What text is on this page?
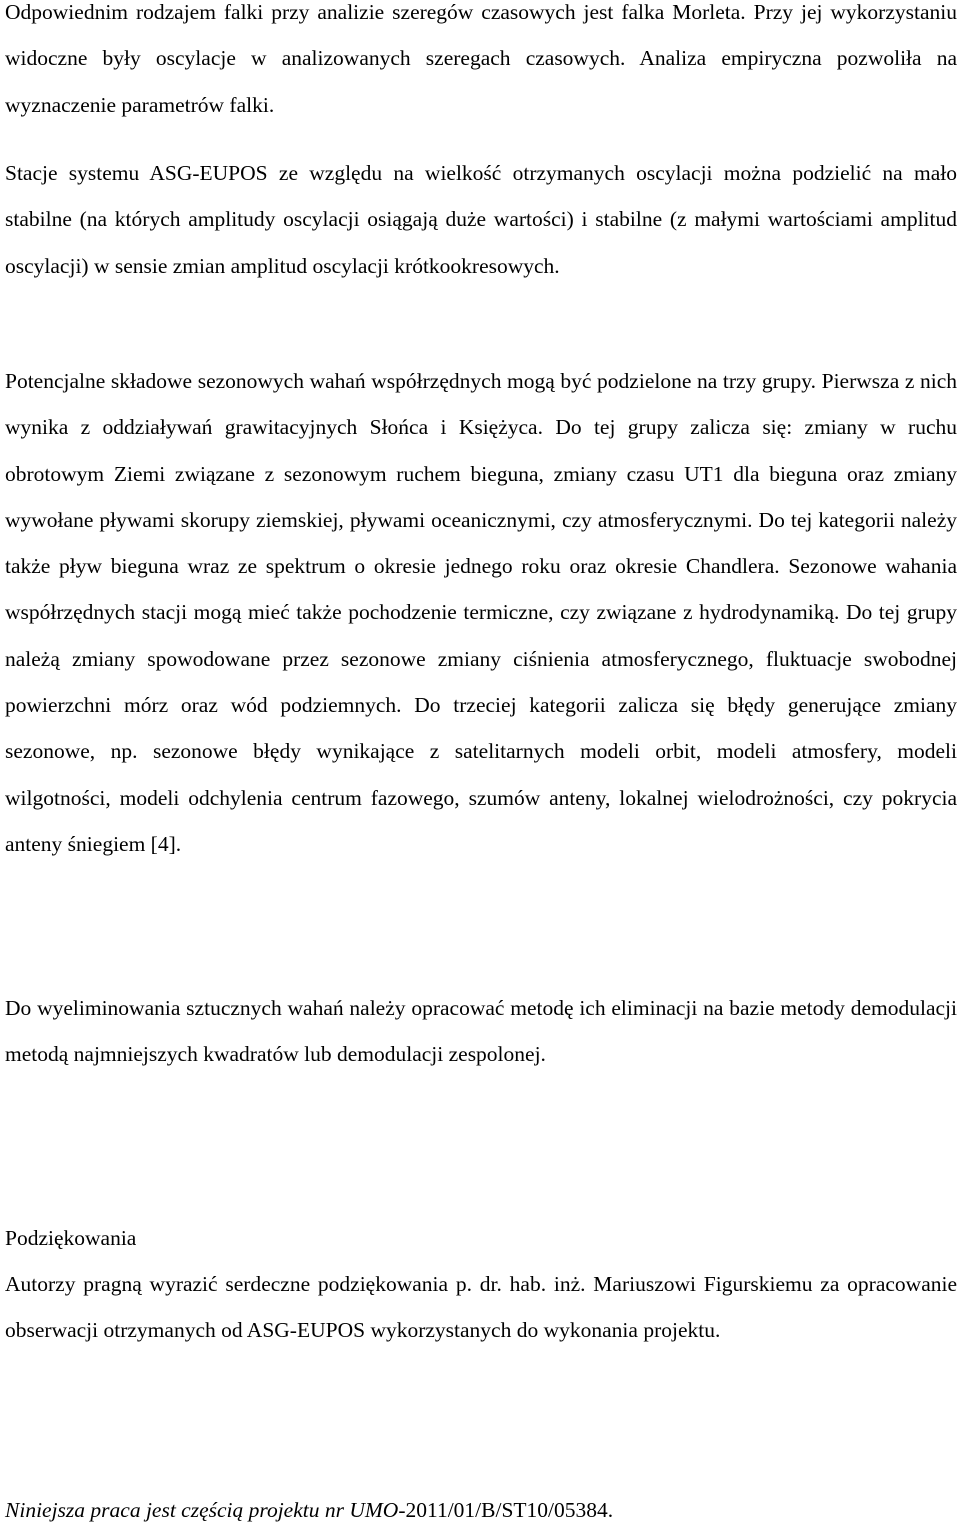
Odpowiednim rodzajem falki przy analizie szeregów czasowych jest falka Morleta. Przy jej wykorzystaniu widoczne były oscylacje w analizowanych szeregach czasowych. Analiza empiryczna pozwoliła na wyznaczenie parametrów falki.

Stacje systemu ASG-EUPOS ze względu na wielkość otrzymanych oscylacji można podzielić na mało stabilne (na których amplitudy oscylacji osiągają duże wartości) i stabilne (z małymi wartościami amplitud oscylacji) w sensie zmian amplitud oscylacji krótkookresowych.

Potencjalne składowe sezonowych wahań współrzędnych mogą być podzielone na trzy grupy. Pierwsza z nich wynika z oddziaływań grawitacyjnych Słońca i Księżyca. Do tej grupy zalicza się: zmiany w ruchu obrotowym Ziemi związane z sezonowym ruchem bieguna, zmiany czasu UT1 dla bieguna oraz zmiany wywołane pływami skorupy ziemskiej, pływami oceanicznymi, czy atmosferycznymi. Do tej kategorii należy także pływ bieguna wraz ze spektrum o okresie jednego roku oraz okresie Chandlera. Sezonowe wahania współrzędnych stacji mogą mieć także pochodzenie termiczne, czy związane z hydrodynamiką. Do tej grupy należą zmiany spowodowane przez sezonowe zmiany ciśnienia atmosferycznego, fluktuacje swobodnej powierzchni mórz oraz wód podziemnych. Do trzeciej kategorii zalicza się błędy generujące zmiany sezonowe, np. sezonowe błędy wynikające z satelitarnych modeli orbit, modeli atmosfery, modeli wilgotności, modeli odchylenia centrum fazowego, szumów anteny, lokalnej wielodrożności, czy pokrycia anteny śniegiem [4].

Do wyeliminowania sztucznych wahań należy opracować metodę ich eliminacji na bazie metody demodulacji metodą najmniejszych kwadratów lub demodulacji zespolonej.

Podziękowania

Autorzy pragną wyrazić serdeczne podziękowania p. dr. hab. inż. Mariuszowi Figurskiemu za opracowanie obserwacji otrzymanych od ASG-EUPOS wykorzystanych do wykonania projektu.

Niniejsza praca jest częścią projektu nr UMO-2011/01/B/ST10/05384.
